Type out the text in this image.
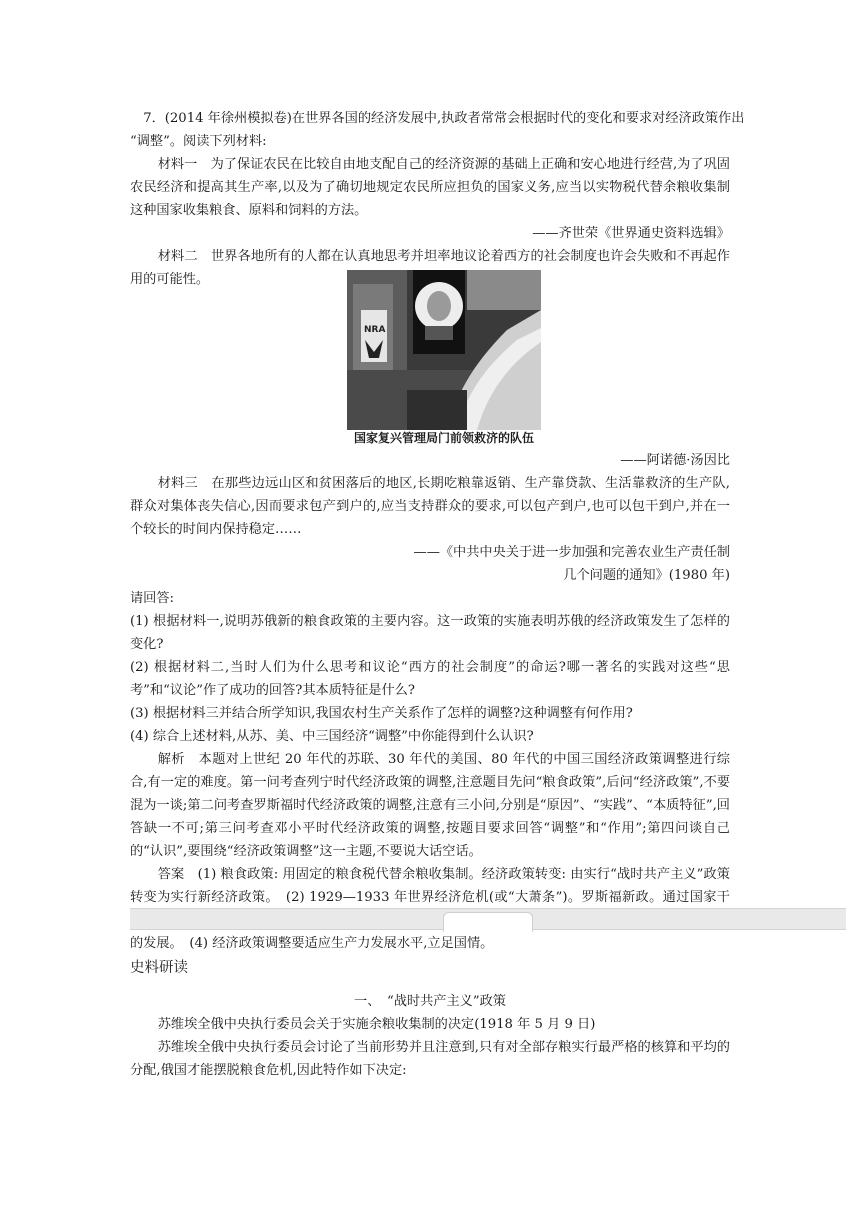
7．(2014 年徐州模拟卷)在世界各国的经济发展中,执政者常常会根据时代的变化和要求对经济政策作出

“调整”。阅读下列材料:

材料一　为了保证农民在比较自由地支配自己的经济资源的基础上正确和安心地进行经营,为了巩固农民经济和提高其生产率,以及为了确切地规定农民所应担负的国家义务,应当以实物税代替余粮收集制这种国家收集粮食、原料和饲料的方法。

——齐世荣《世界通史资料选辑》

材料二　世界各地所有的人都在认真地思考并坦率地议论着西方的社会制度也许会失败和不再起作用的可能性。

NRA
国家复兴管理局门前领救济的队伍

——阿诺德·汤因比

材料三　在那些边远山区和贫困落后的地区,长期吃粮靠返销、生产靠贷款、生活靠救济的生产队,群众对集体丧失信心,因而要求包产到户的,应当支持群众的要求,可以包产到户,也可以包干到户,并在一个较长的时间内保持稳定……

——《中共中央关于进一步加强和完善农业生产责任制

几个问题的通知》(1980 年)

请回答:

(1) 根据材料一,说明苏俄新的粮食政策的主要内容。这一政策的实施表明苏俄的经济政策发生了怎样的变化?

(2) 根据材料二,当时人们为什么思考和议论“西方的社会制度”的命运?哪一著名的实践对这些“思考”和“议论”作了成功的回答?其本质特征是什么?

(3) 根据材料三并结合所学知识,我国农村生产关系作了怎样的调整?这种调整有何作用?

(4) 综合上述材料,从苏、美、中三国经济“调整”中你能得到什么认识?

解析　本题对上世纪 20 年代的苏联、30 年代的美国、80 年代的中国三国经济政策调整进行综合,有一定的难度。第一问考查列宁时代经济政策的调整,注意题目先问“粮食政策”,后问“经济政策”,不要混为一谈;第二问考查罗斯福时代经济政策的调整,注意有三小问,分别是“原因”、“实践”、“本质特征”,回答缺一不可;第三问考查邓小平时代经济政策的调整,按题目要求回答“调整”和“作用”;第四问谈自己的“认识”,要围绕“经济政策调整”这一主题,不要说大话空话。

答案　(1) 粮食政策: 用固定的粮食税代替余粮收集制。经济政策转变: 由实行“战时共产主义”政策转变为实行新经济政策。　(2) 1929—1933 年世界经济危机(或“大萧条”)。罗斯福新政。通过国家干　 的发展。　(4) 经济政策调整要适应生产力发展水平,立足国情。

史料研读

一、　“战时共产主义”政策

苏维埃全俄中央执行委员会关于实施余粮收集制的决定(1918 年 5 月 9 日)

苏维埃全俄中央执行委员会讨论了当前形势并且注意到,只有对全部存粮实行最严格的核算和平均的分配,俄国才能摆脱粮食危机,因此特作如下决定:
